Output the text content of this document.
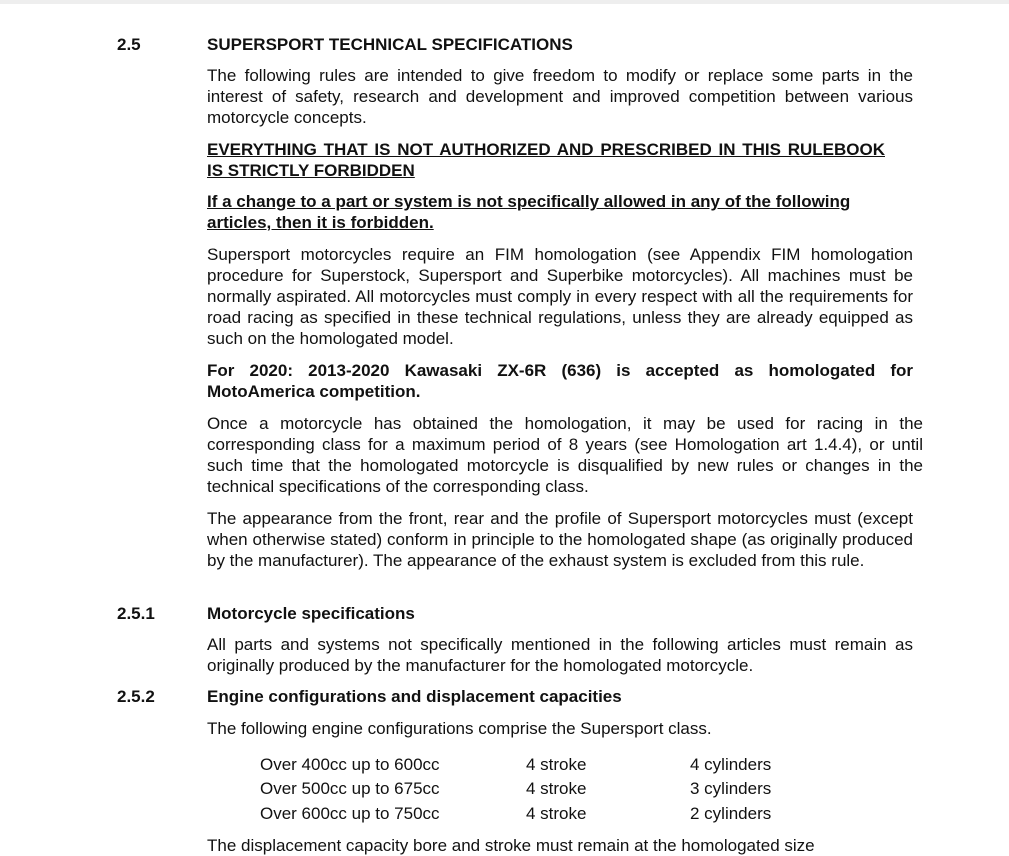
2.5	SUPERSPORT TECHNICAL SPECIFICATIONS
The following rules are intended to give freedom to modify or replace some parts in the interest of safety, research and development and improved competition between various motorcycle concepts.
EVERYTHING THAT IS NOT AUTHORIZED AND PRESCRIBED IN THIS RULEBOOK IS STRICTLY FORBIDDEN
If a change to a part or system is not specifically allowed in any of the following articles, then it is forbidden.
Supersport motorcycles require an FIM homologation (see Appendix FIM homologation procedure for Superstock, Supersport and Superbike motorcycles). All machines must be normally aspirated. All motorcycles must comply in every respect with all the requirements for road racing as specified in these technical regulations, unless they are already equipped as such on the homologated model.
For 2020: 2013-2020 Kawasaki ZX-6R (636) is accepted as homologated for MotoAmerica competition.
Once a motorcycle has obtained the homologation, it may be used for racing in the corresponding class for a maximum period of 8 years (see Homologation art 1.4.4), or until such time that the homologated motorcycle is disqualified by new rules or changes in the technical specifications of the corresponding class.
The appearance from the front, rear and the profile of Supersport motorcycles must (except when otherwise stated) conform in principle to the homologated shape (as originally produced by the manufacturer). The appearance of the exhaust system is excluded from this rule.
2.5.1	Motorcycle specifications
All parts and systems not specifically mentioned in the following articles must remain as originally produced by the manufacturer for the homologated motorcycle.
2.5.2	Engine configurations and displacement capacities
The following engine configurations comprise the Supersport class.
Over 400cc up to 600cc	4 stroke	4 cylinders
Over 500cc up to 675cc	4 stroke	3 cylinders
Over 600cc up to 750cc	4 stroke	2 cylinders
The displacement capacity bore and stroke must remain at the homologated size
